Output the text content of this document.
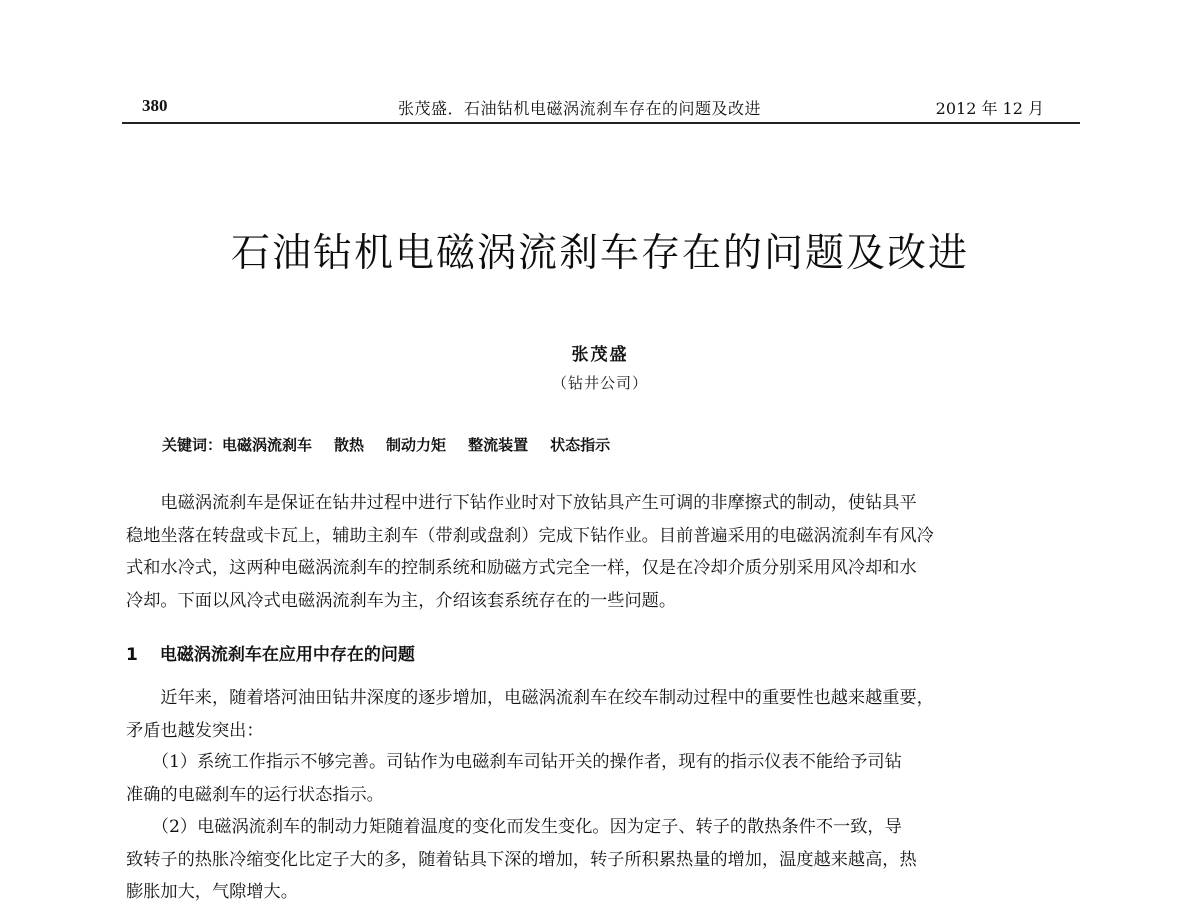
380	张茂盛．石油钻机电磁涡流刹车存在的问题及改进	2012 年 12 月
石油钻机电磁涡流刹车存在的问题及改进
张茂盛
（钻井公司）
关键词：电磁涡流刹车 散热 制动力矩 整流装置 状态指示
　　电磁涡流刹车是保证在钻井过程中进行下钻作业时对下放钻具产生可调的非摩擦式的制动，使钻具平
稳地坐落在转盘或卡瓦上，辅助主刹车（带刹或盘刹）完成下钻作业。目前普遍采用的电磁涡流刹车有风冷
式和水冷式，这两种电磁涡流刹车的控制系统和励磁方式完全一样，仅是在冷却介质分别采用风冷却和水
冷却。下面以风冷式电磁涡流刹车为主，介绍该套系统存在的一些问题。
1 电磁涡流刹车在应用中存在的问题
　　近年来，随着塔河油田钻井深度的逐步增加，电磁涡流刹车在绞车制动过程中的重要性也越来越重要，
矛盾也越发突出：
　　（1）系统工作指示不够完善。司钻作为电磁刹车司钻开关的操作者，现有的指示仪表不能给予司钻
准确的电磁刹车的运行状态指示。
　　（2）电磁涡流刹车的制动力矩随着温度的变化而发生变化。因为定子、转子的散热条件不一致，导
致转子的热胀冷缩变化比定子大的多，随着钻具下深的增加，转子所积累热量的增加，温度越来越高，热
膨胀加大，气隙增大。
